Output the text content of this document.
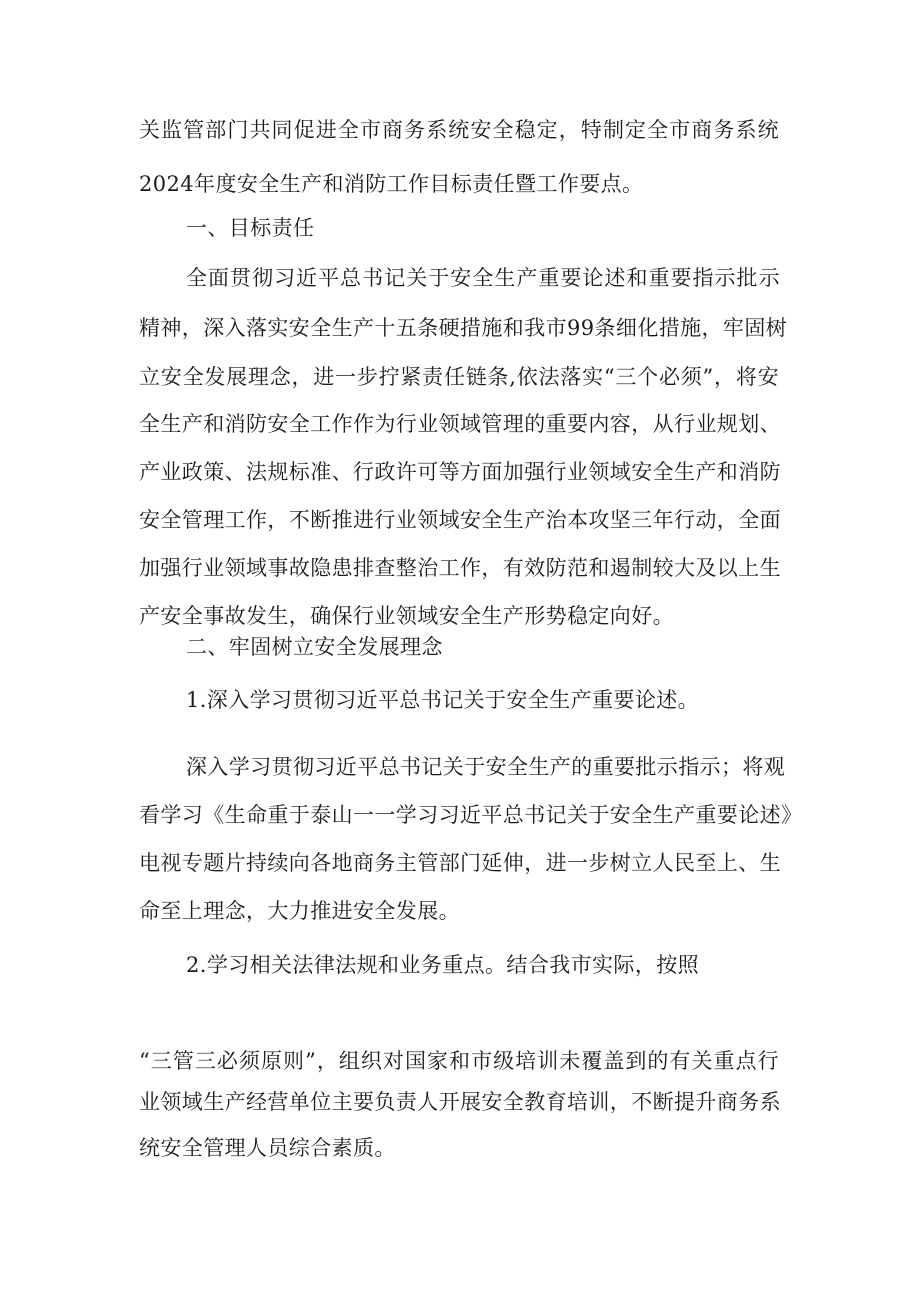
关监管部门共同促进全市商务系统安全稳定，特制定全市商务系统

2024年度安全生产和消防工作目标责任暨工作要点。

一、目标责任

全面贯彻习近平总书记关于安全生产重要论述和重要指示批示

精神，深入落实安全生产十五条硬措施和我市99条细化措施，牢固树

立安全发展理念，进一步拧紧责任链条,依法落实“三个必须”，将安

全生产和消防安全工作作为行业领域管理的重要内容，从行业规划、

产业政策、法规标准、行政许可等方面加强行业领域安全生产和消防

安全管理工作，不断推进行业领域安全生产治本攻坚三年行动，全面

加强行业领域事故隐患排查整治工作，有效防范和遏制较大及以上生

产安全事故发生，确保行业领域安全生产形势稳定向好。

二、牢固树立安全发展理念

1.深入学习贯彻习近平总书记关于安全生产重要论述。

深入学习贯彻习近平总书记关于安全生产的重要批示指示；将观

看学习《生命重于泰山一一学习习近平总书记关于安全生产重要论述》

电视专题片持续向各地商务主管部门延伸，进一步树立人民至上、生

命至上理念，大力推进安全发展。

2.学习相关法律法规和业务重点。结合我市实际，按照

“三管三必须原则”，组织对国家和市级培训未覆盖到的有关重点行

业领域生产经营单位主要负责人开展安全教育培训，不断提升商务系

统安全管理人员综合素质。
